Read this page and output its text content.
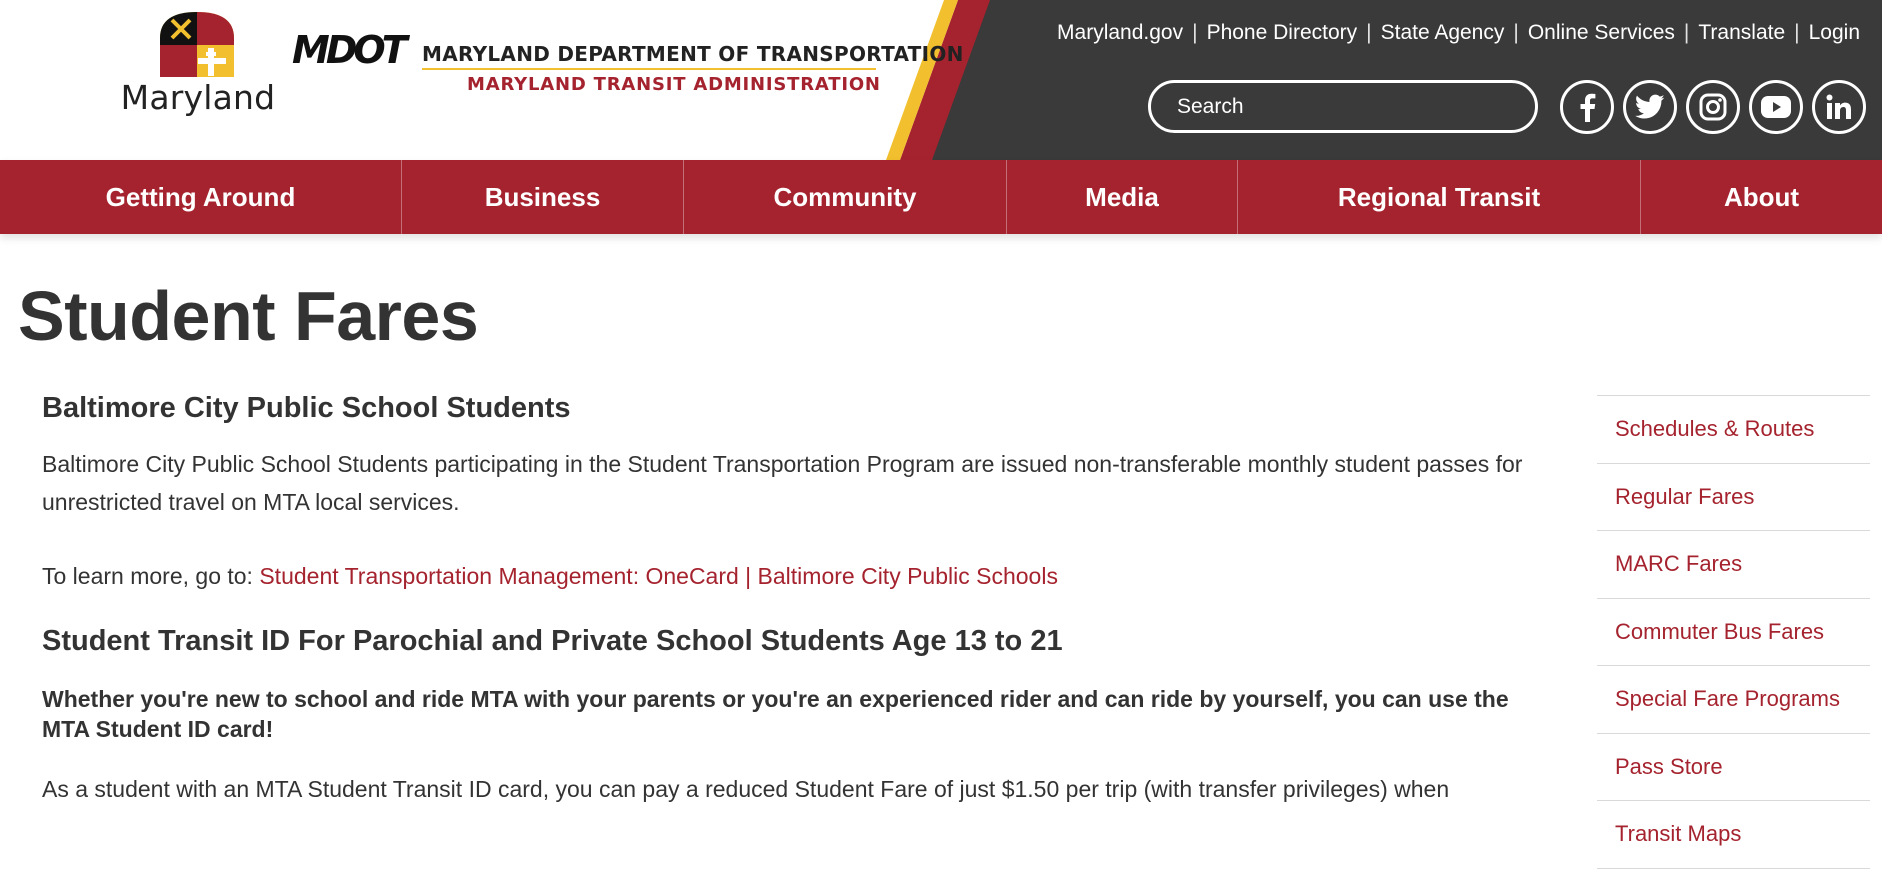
Maryland
MDOT MARYLAND DEPARTMENT OF TRANSPORTATION
MARYLAND TRANSIT ADMINISTRATION
Maryland.gov | Phone Directory | State Agency | Online Services | Translate | Login
Search
Getting Around	Business	Community	Media	Regional Transit	About
Student Fares
Baltimore City Public School Students

Baltimore City Public School Students participating in the Student Transportation Program are issued non-transferable monthly student passes for unrestricted travel on MTA local services.

To learn more, go to: Student Transportation Management: OneCard | Baltimore City Public Schools

Student Transit ID For Parochial and Private School Students Age 13 to 21

Whether you're new to school and ride MTA with your parents or you're an experienced rider and can ride by yourself, you can use the MTA Student ID card!

As a student with an MTA Student Transit ID card, you can pay a reduced Student Fare of just $1.50 per trip (with transfer privileges) when

Schedules & Routes
Regular Fares
MARC Fares
Commuter Bus Fares
Special Fare Programs
Pass Store
Transit Maps
